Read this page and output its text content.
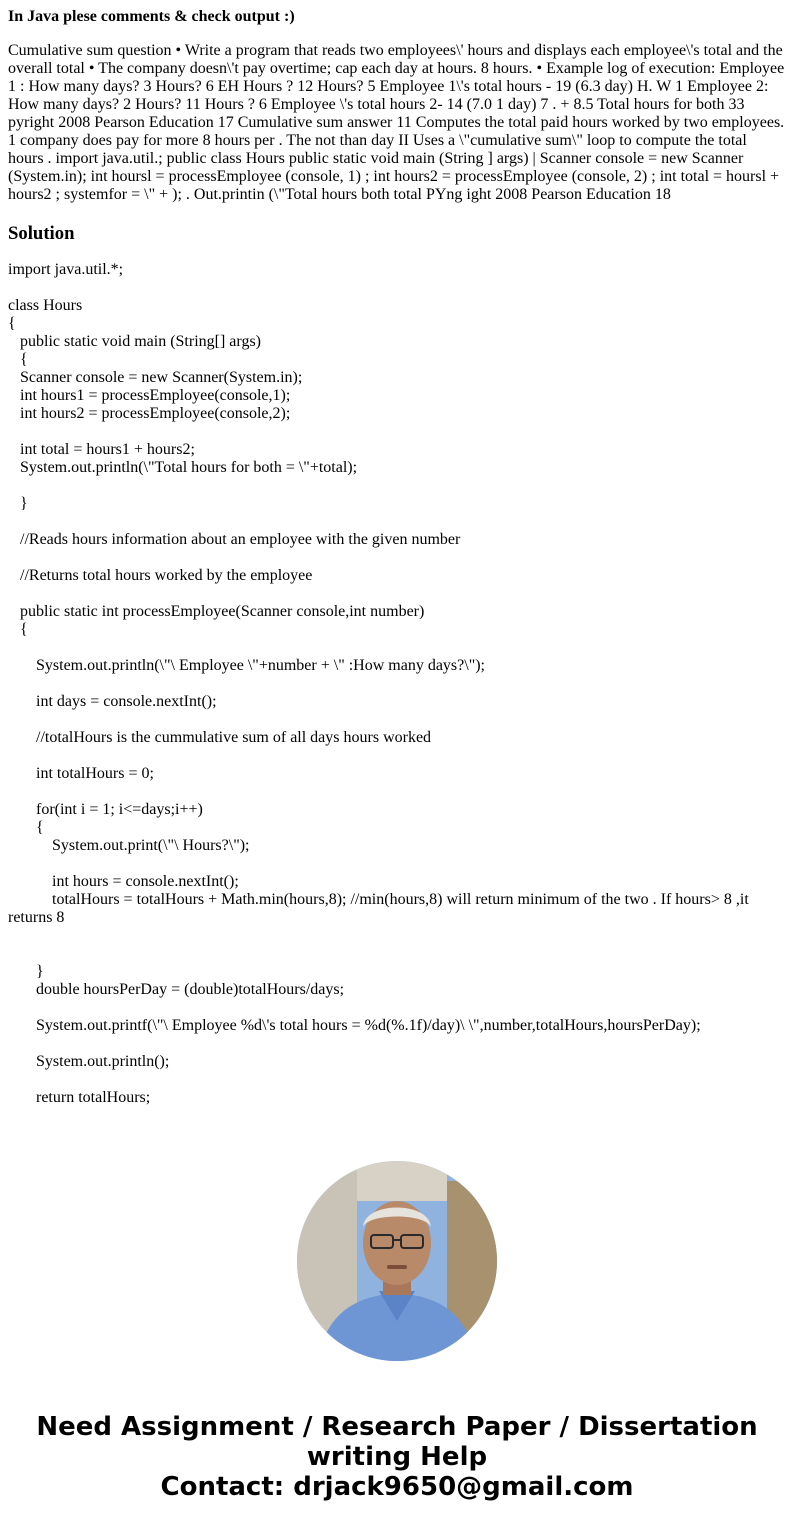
In Java plese comments & check output :)
Cumulative sum question • Write a program that reads two employees\' hours and displays each employee\'s total and the overall total • The company doesn\'t pay overtime; cap each day at hours. 8 hours. • Example log of execution: Employee 1 : How many days? 3 Hours? 6 EH Hours ? 12 Hours? 5 Employee 1\'s total hours - 19 (6.3 day) H. W 1 Employee 2: How many days? 2 Hours? 11 Hours ? 6 Employee \'s total hours 2- 14 (7.0 1 day) 7 . + 8.5 Total hours for both 33 pyright 2008 Pearson Education 17 Cumulative sum answer 11 Computes the total paid hours worked by two employees. 1 company does pay for more 8 hours per . The not than day II Uses a \"cumulative sum\" loop to compute the total hours . import java.util.; public class Hours public static void main (String ] args) | Scanner console = new Scanner (System.in); int hoursl = processEmployee (console, 1) ; int hours2 = processEmployee (console, 2) ; int total = hoursl + hours2 ; systemfor = \" + ); . Out.printin (\"Total hours both total PYng ight 2008 Pearson Education 18
Solution
import java.util.*;

class Hours
{
public static void main (String[] args)
{
Scanner console = new Scanner(System.in);
int hours1 = processEmployee(console,1);
int hours2 = processEmployee(console,2);

int total = hours1 + hours2;
System.out.println(\"Total hours for both = \"+total);

}

//Reads hours information about an employee with the given number

//Returns total hours worked by the employee

public static int processEmployee(Scanner console,int number)
{

System.out.println(\"\ Employee \"+number + \" :How many days?\");

int days = console.nextInt();

//totalHours is the cummulative sum of all days hours worked

int totalHours = 0;

for(int i = 1; i<=days;i++)
{
System.out.print(\"\ Hours?\");

int hours = console.nextInt();
totalHours = totalHours + Math.min(hours,8); //min(hours,8) will return minimum of the two . If hours> 8 ,it returns 8

}
double hoursPerDay = (double)totalHours/days;

System.out.printf(\"\ Employee %d\'s total hours = %d(%.1f)/day)\ \",number,totalHours,hoursPerDay);

System.out.println();

return totalHours;
Need Assignment / Research Paper / Dissertation
writing Help
Contact: drjack9650@gmail.com
